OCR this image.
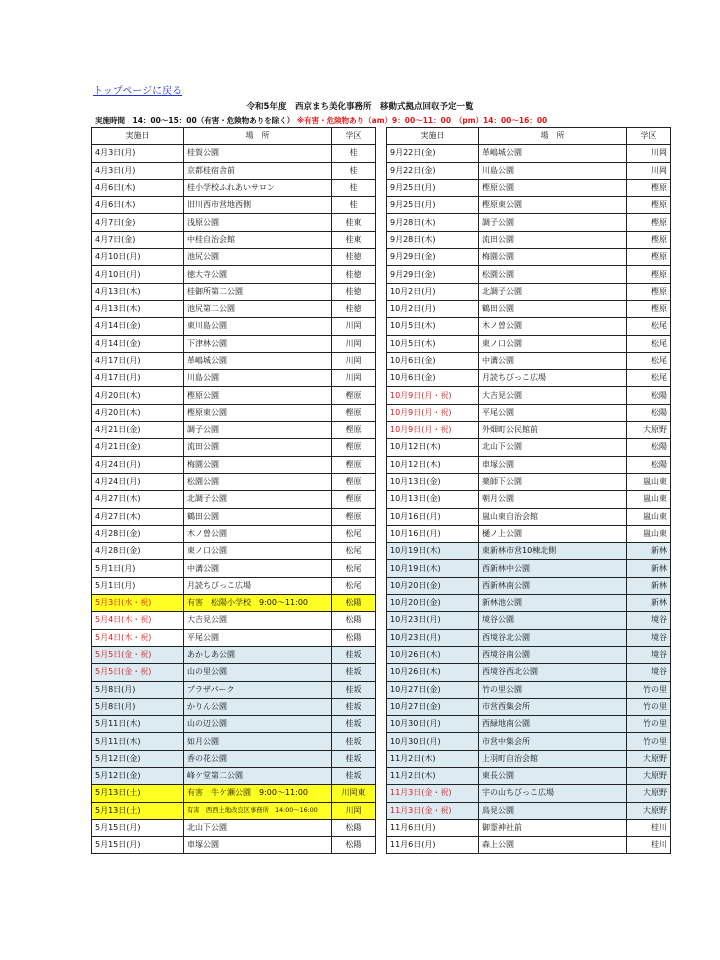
トップページに戻る
令和5年度　西京まち美化事務所　移動式拠点回収予定一覧
実施時間　14：00～15：00（有害・危険物ありを除く） ※有害・危険物あり（am）9：00～11：00　（pm）14：00～16：00
実施日	場　所	学区
4月3日(月)	桂賀公園	桂
4月3日(月)	京都桂宿舎前	桂
4月6日(木)	桂小学校ふれあいサロン	桂
4月6日(木)	旧川西市営地西側	桂
4月7日(金)	浅原公園	桂東
4月7日(金)	中桂自治会館	桂東
4月10日(月)	池尻公園	桂徳
4月10日(月)	徳大寺公園	桂徳
4月13日(木)	桂御所第二公園	桂徳
4月13日(木)	池尻第二公園	桂徳
4月14日(金)	東川島公園	川岡
4月14日(金)	下津林公園	川岡
4月17日(月)	革嶋城公園	川岡
4月17日(月)	川島公園	川岡
4月20日(木)	樫原公園	樫原
4月20日(木)	樫原東公園	樫原
4月21日(金)	調子公園	樫原
4月21日(金)	流田公園	樫原
4月24日(月)	梅園公園	樫原
4月24日(月)	松園公園	樫原
4月27日(木)	北調子公園	樫原
4月27日(木)	鶴田公園	樫原
4月28日(金)	木ノ曽公園	松尾
4月28日(金)	東ノ口公園	松尾
5月1日(月)	中溝公園	松尾
5月1日(月)	月読ちびっこ広場	松尾
5月3日(水・祝)	有害　松陽小学校　9:00～11:00	松陽
5月4日(木・祝)	大吉見公園	松陽
5月4日(木・祝)	平尾公園	松陽
5月5日(金・祝)	あかしあ公園	桂坂
5月5日(金・祝)	山の里公園	桂坂
5月8日(月)	プラザパーク	桂坂
5月8日(月)	かりん公園	桂坂
5月11日(木)	山の辺公園	桂坂
5月11日(木)	如月公園	桂坂
5月12日(金)	香の花公園	桂坂
5月12日(金)	峰ケ堂第二公園	桂坂
5月13日(土)	有害　牛ケ瀬公園　9:00～11:00	川岡東
5月13日(土)	有害　西西土地改良区事務所　14:00～16:00	川岡
5月15日(月)	北山下公園	松陽
5月15日(月)	車塚公園	松陽
実施日	場　所	学区
9月22日(金)	革嶋城公園	川岡
9月22日(金)	川島公園	川岡
9月25日(月)	樫原公園	樫原
9月25日(月)	樫原東公園	樫原
9月28日(木)	調子公園	樫原
9月28日(木)	流田公園	樫原
9月29日(金)	梅園公園	樫原
9月29日(金)	松園公園	樫原
10月2日(月)	北調子公園	樫原
10月2日(月)	鶴田公園	樫原
10月5日(木)	木ノ曽公園	松尾
10月5日(木)	東ノ口公園	松尾
10月6日(金)	中溝公園	松尾
10月6日(金)	月読ちびっこ広場	松尾
10月9日(月・祝)	大吉見公園	松陽
10月9日(月・祝)	平尾公園	松陽
10月9日(月・祝)	外畑町公民館前	大原野
10月12日(木)	北山下公園	松陽
10月12日(木)	車塚公園	松陽
10月13日(金)	薬師下公園	嵐山東
10月13日(金)	朝月公園	嵐山東
10月16日(月)	嵐山東自治会館	嵐山東
10月16日(月)	樋ノ上公園	嵐山東
10月19日(木)	東新林市営10棟北側	新林
10月19日(木)	西新林中公園	新林
10月20日(金)	西新林南公園	新林
10月20日(金)	新林池公園	新林
10月23日(月)	境谷公園	境谷
10月23日(月)	西境谷北公園	境谷
10月26日(木)	西境谷南公園	境谷
10月26日(木)	西境谷西北公園	境谷
10月27日(金)	竹の里公園	竹の里
10月27日(金)	市営西集会所	竹の里
10月30日(月)	西緑地南公園	竹の里
10月30日(月)	市営中集会所	竹の里
11月2日(木)	上羽町自治会館	大原野
11月2日(木)	東長公園	大原野
11月3日(金・祝)	宇の山ちびっこ広場	大原野
11月3日(金・祝)	鳥見公園	大原野
11月6日(月)	御霊神社前	桂川
11月6日(月)	森上公園	桂川
